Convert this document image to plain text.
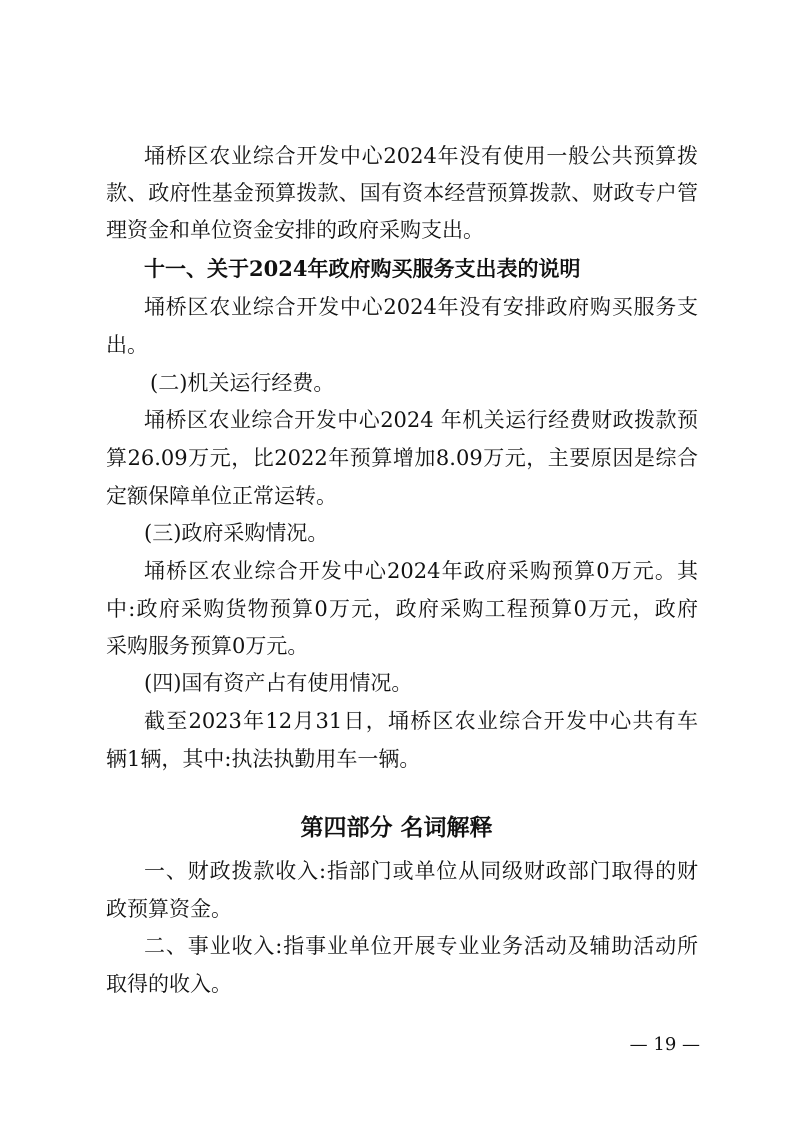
埇桥区农业综合开发中心2024年没有使用一般公共预算拨
款、政府性基金预算拨款、国有资本经营预算拨款、财政专户管
理资金和单位资金安排的政府采购支出。
十一、关于2024年政府购买服务支出表的说明
埇桥区农业综合开发中心2024年没有安排政府购买服务支
出。
(二)机关运行经费。
埇桥区农业综合开发中心2024 年机关运行经费财政拨款预
算26.09万元，比2022年预算增加8.09万元，主要原因是综合
定额保障单位正常运转。
(三)政府采购情况。
埇桥区农业综合开发中心2024年政府采购预算0万元。其
中:政府采购货物预算0万元，政府采购工程预算0万元，政府
采购服务预算0万元。
(四)国有资产占有使用情况。
截至2023年12月31日，埇桥区农业综合开发中心共有车
辆1辆，其中:执法执勤用车一辆。
第四部分 名词解释
一、财政拨款收入:指部门或单位从同级财政部门取得的财
政预算资金。
二、事业收入:指事业单位开展专业业务活动及辅助活动所
取得的收入。
— 19 —
